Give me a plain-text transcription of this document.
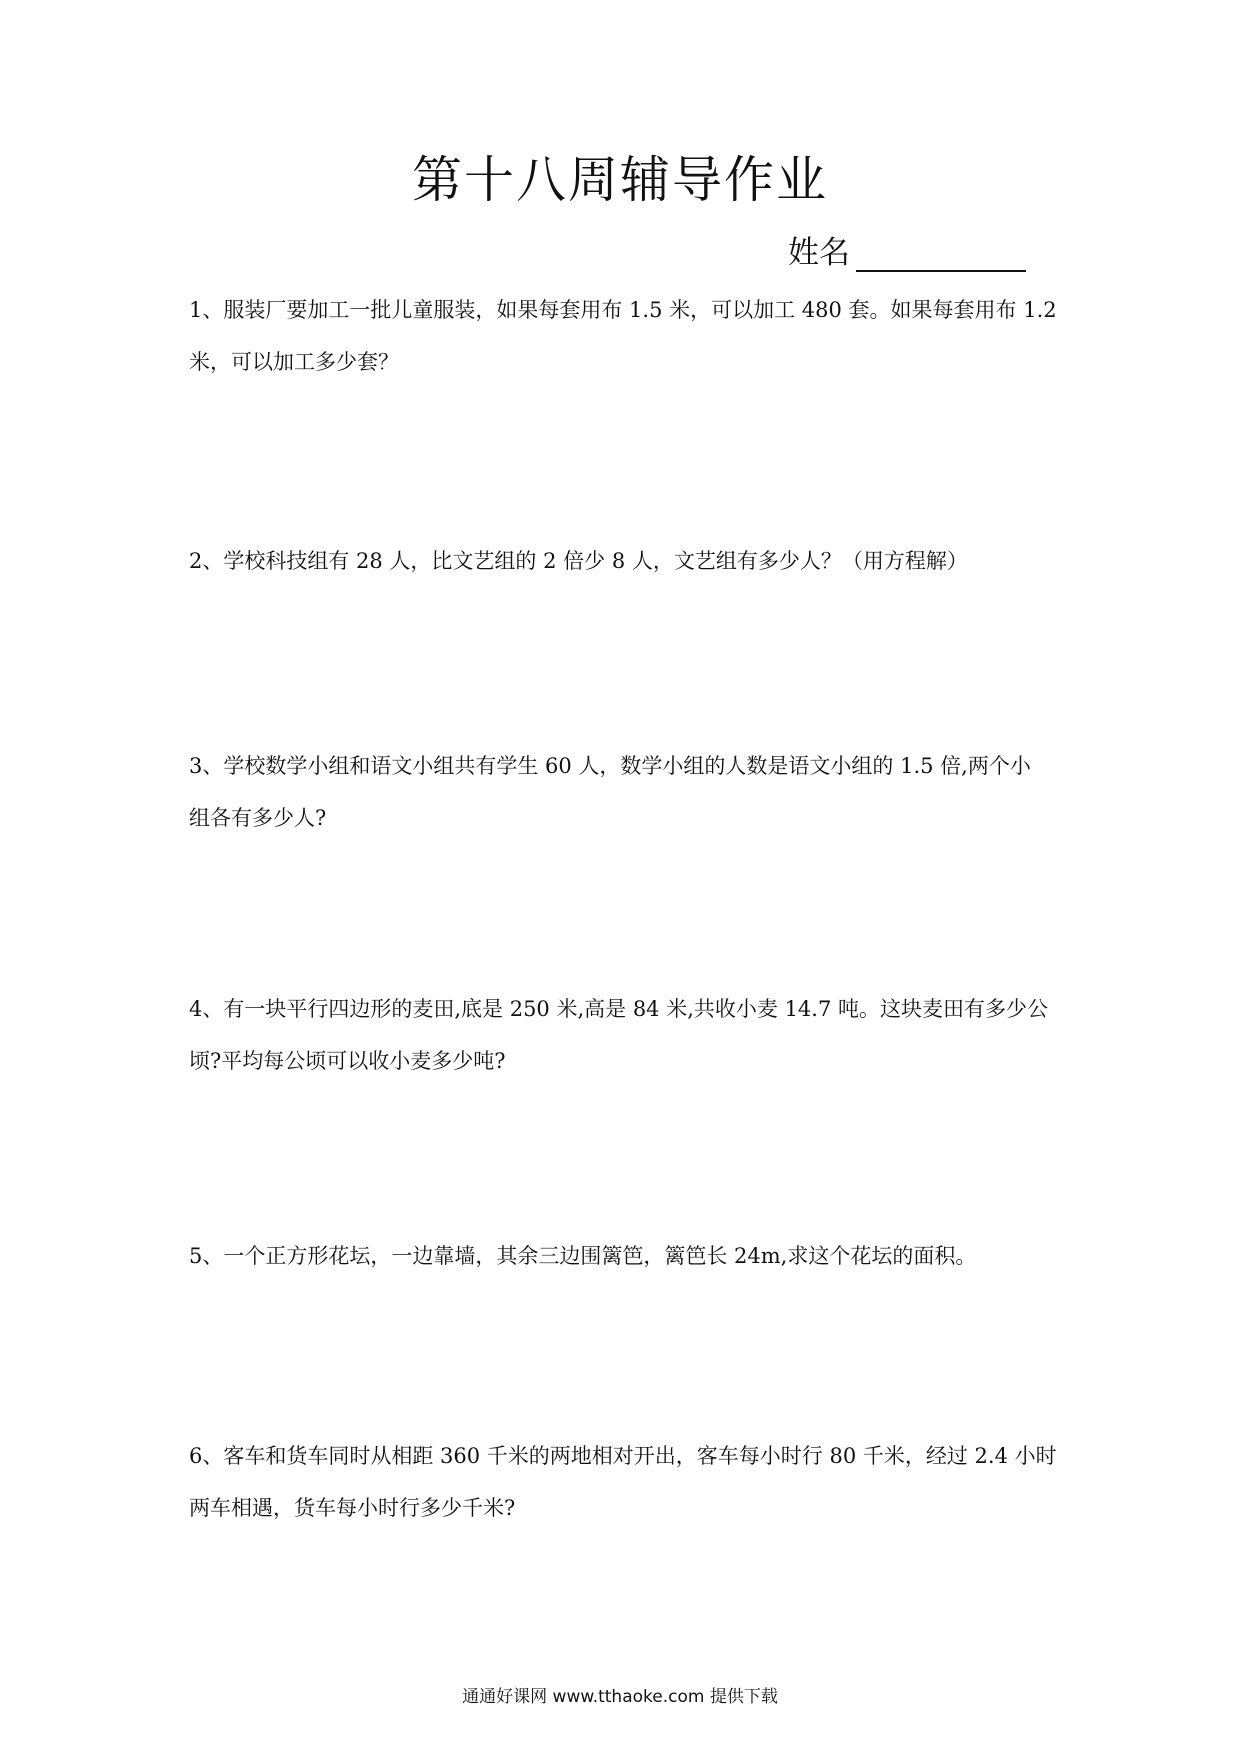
第十八周辅导作业
姓名
1、服装厂要加工一批儿童服装，如果每套用布 1.5 米，可以加工 480 套。如果每套用布 1.2
米，可以加工多少套？
2、学校科技组有 28 人，比文艺组的 2 倍少 8 人，文艺组有多少人？（用方程解）
3、学校数学小组和语文小组共有学生 60 人，数学小组的人数是语文小组的 1.5 倍,两个小
组各有多少人?
4、有一块平行四边形的麦田,底是 250 米,高是 84 米,共收小麦 14.7 吨。这块麦田有多少公
顷?平均每公顷可以收小麦多少吨?
5、一个正方形花坛，一边靠墙，其余三边围篱笆，篱笆长 24m,求这个花坛的面积。
6、客车和货车同时从相距 360 千米的两地相对开出，客车每小时行 80 千米，经过 2.4 小时
两车相遇，货车每小时行多少千米?
通通好课网 www.tthaoke.com 提供下载
